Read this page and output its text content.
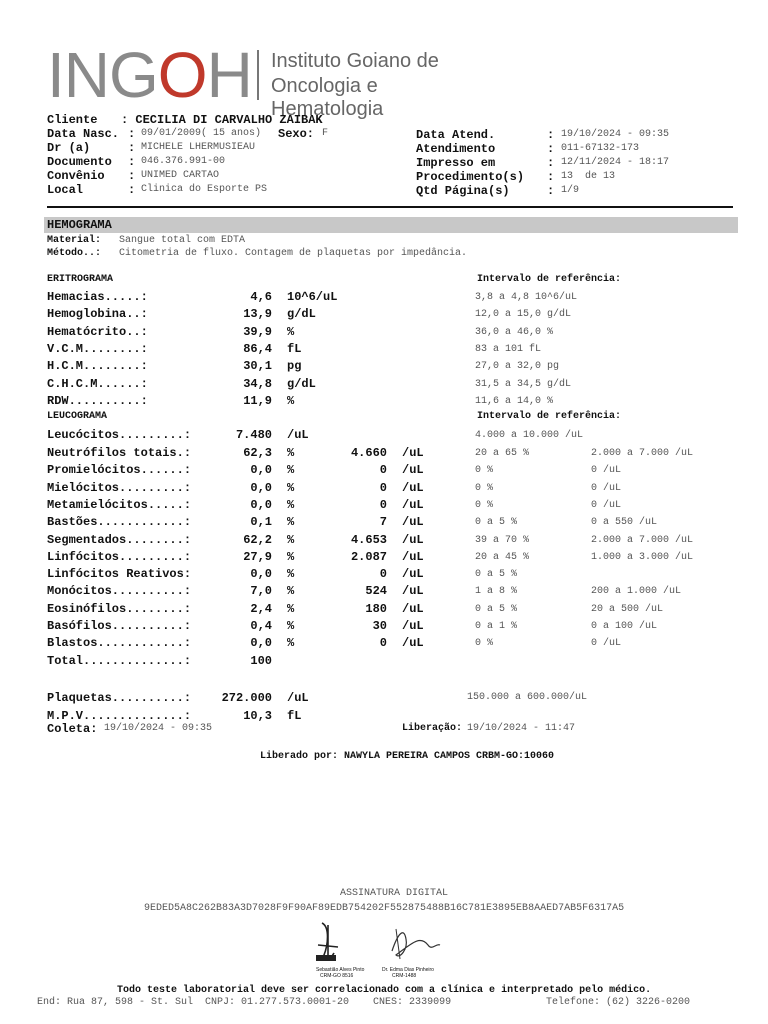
INGOH Instituto Goiano de
Oncologia e Hematologia
Cliente : CECILIA DI CARVALHO ZAIBAK
Data Nasc. : 09/01/2009( 15 anos) Sexo: F
Dr (a)	: MICHELE LHERMUSIEAU
Documento : 046.376.991-00
Convênio : UNIMED CARTAO
Local	: Clinica do Esporte PS
Data Atend.	: 19/10/2024 - 09:35
Atendimento	: 011-67132-173
Impresso em	: 12/11/2024 - 18:17
Procedimento(s) : 13  de 13
Qtd Página(s)	: 1/9
HEMOGRAMA
Material: Sangue total com EDTA
Método..: Citometria de fluxo. Contagem de plaquetas por impedância.
ERITROGRAMA	Intervalo de referência:
Hemacias.....:	4,6 10^6/uL	3,8 a 4,8 10^6/uL
Hemoglobina..:	13,9 g/dL	12,0 a 15,0 g/dL
Hematócrito..:	39,9 %	36,0 a 46,0 %
V.C.M........:	86,4 fL	83 a 101 fL
H.C.M........:	30,1 pg	27,0 a 32,0 pg
C.H.C.M......:	34,8 g/dL	31,5 a 34,5 g/dL
RDW..........:	11,9 %	11,6 a 14,0 %
LEUCOGRAMA	Intervalo de referência:
Leucócitos.........:	7.480 /uL	4.000 a 10.000 /uL
Neutrófilos totais.:	62,3 %	4.660 /uL	20 a 65 %	2.000 a 7.000 /uL
Promielócitos......:	0,0 %	0 /uL	0 %	0 /uL
Mielócitos.........:	0,0 %	0 /uL	0 %	0 /uL
Metamielócitos.....:	0,0 %	0 /uL	0 %	0 /uL
Bastões............:	0,1 %	7 /uL	0 a 5 %	0 a 550 /uL
Segmentados........:	62,2 %	4.653 /uL	39 a 70 %	2.000 a 7.000 /uL
Linfócitos.........:	27,9 %	2.087 /uL	20 a 45 %	1.000 a 3.000 /uL
Linfócitos Reativos:	0,0 %	0 /uL	0 a 5 %
Monócitos..........:	7,0 %	524 /uL	1 a 8 %	200 a 1.000 /uL
Eosinófilos........:	2,4 %	180 /uL	0 a 5 %	20 a 500 /uL
Basófilos..........:	0,4 %	30 /uL	0 a 1 %	0 a 100 /uL
Blastos............:	0,0 %	0 /uL	0 %	0 /uL
Total..............:	100
Plaquetas..........:	272.000 /uL	150.000 a 600.000/uL
M.P.V..............:	10,3 fL
Coleta: 19/10/2024 - 09:35	Liberação: 19/10/2024 - 11:47
Liberado por: NAWYLA PEREIRA CAMPOS CRBM-GO:10060
ASSINATURA DIGITAL
9EDED5A8C262B83A3D7028F9F90AF89EDB754202F552875488B16C781E3895EB8AAED7AB5F6317A5
Sebastião Alves Pinto
CRM-GO 8516
Dr. Edma Dias Pinheiro
CRM-1488
Todo teste laboratorial deve ser correlacionado com a clínica e interpretado pelo médico.
End: Rua 87, 598 - St. Sul  CNPJ: 01.277.573.0001-20    CNES: 2339099	Telefone: (62) 3226-0200
